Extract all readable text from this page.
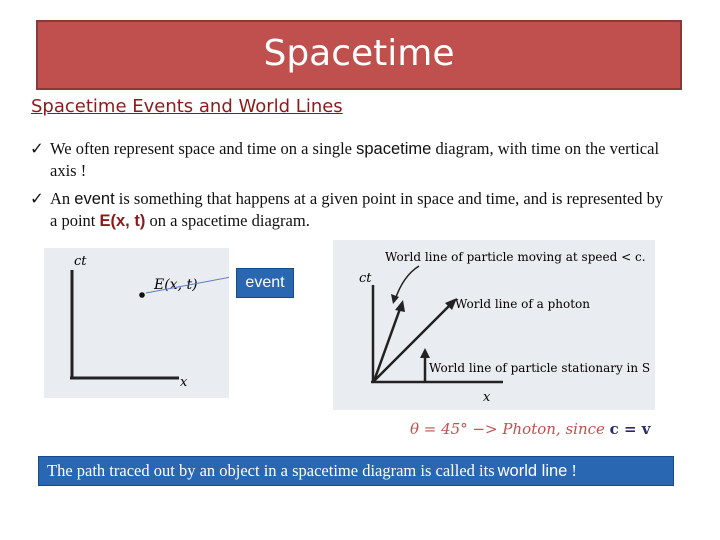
Spacetime
Spacetime Events and World Lines
✓ We often represent space and time on a single spacetime diagram, with time on the vertical axis !
✓ An event is something that happens at a given point in space and time, and is represented by a point E(x, t) on a spacetime diagram.
ct
x
E(x, t)	event	ct
x
World line of particle moving at speed < c.
World line of a photon
World line of particle stationary in S
θ = 45° −> Photon, since c = v
The path traced out by an object in a spacetime diagram is called its world line !
